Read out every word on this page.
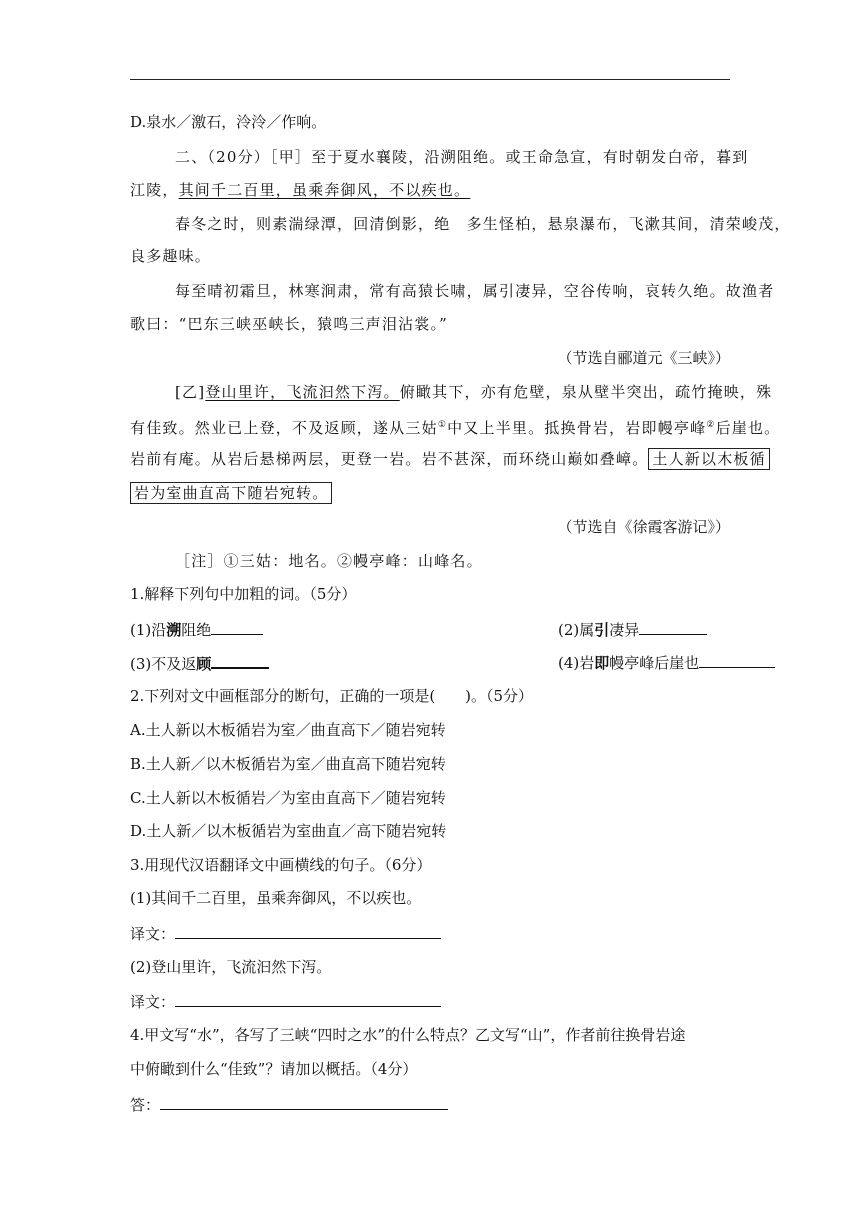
D.泉水／激石，泠泠／作响。
二、（20分）［甲］至于夏水襄陵，沿溯阻绝。或王命急宣，有时朝发白帝，暮到
江陵，其间千二百里，虽乘奔御风，不以疾也。
春冬之时，则素湍绿潭，回清倒影，绝　多生怪柏，悬泉瀑布，飞漱其间，清荣峻茂，
良多趣味。
每至晴初霜旦，林寒涧肃，常有高猿长啸，属引凄异，空谷传响，哀转久绝。故渔者
歌曰：“巴东三峡巫峡长，猿鸣三声泪沾裳。”
（节选自郦道元《三峡》）
[乙]登山里许，飞流汩然下泻。俯瞰其下，亦有危壁，泉从壁半突出，疏竹掩映，殊
有佳致。然业已上登，不及返顾，遂从三姑①中又上半里。抵换骨岩，岩即幔亭峰②后崖也。
岩前有庵。从岩后悬梯两层，更登一岩。岩不甚深，而环绕山巅如叠嶂。 土人新以木板循
岩为室曲直高下随岩宛转。
（节选自《徐霞客游记》）
［注］①三姑：地名。②幔亭峰：山峰名。
1.解释下列句中加粗的词。（5分）
(1)沿溯阻绝	(2)属引凄异
(3)不及返顾	(4)岩即幔亭峰后崖也
2.下列对文中画框部分的断句，正确的一项是(　　)。（5分）
A.土人新以木板循岩为室／曲直高下／随岩宛转
B.土人新／以木板循岩为室／曲直高下随岩宛转
C.土人新以木板循岩／为室由直高下／随岩宛转
D.土人新／以木板循岩为室曲直／高下随岩宛转
3.用现代汉语翻译文中画横线的句子。（6分）
(1)其间千二百里，虽乘奔御风，不以疾也。
译文：
(2)登山里许，飞流汩然下泻。
译文：
4.甲文写“水”，各写了三峡“四时之水”的什么特点？乙文写“山”，作者前往换骨岩途
中俯瞰到什么“佳致”？请加以概括。（4分）
答：
